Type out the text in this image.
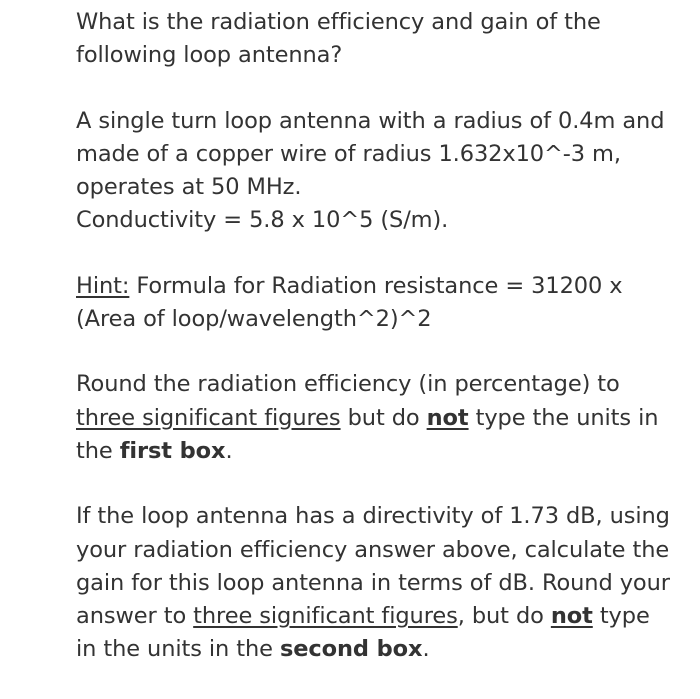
What is the radiation efficiency and gain of the following loop antenna?

A single turn loop antenna with a radius of 0.4m and made of a copper wire of radius 1.632x10^-3 m, operates at 50 MHz.
Conductivity = 5.8 x 10^5 (S/m).

Hint: Formula for Radiation resistance = 31200 x (Area of loop/wavelength^2)^2

Round the radiation efficiency (in percentage) to three significant figures but do not type the units in the first box.

If the loop antenna has a directivity of 1.73 dB, using your radiation efficiency answer above, calculate the gain for this loop antenna in terms of dB. Round your answer to three significant figures, but do not type in the units in the second box.
